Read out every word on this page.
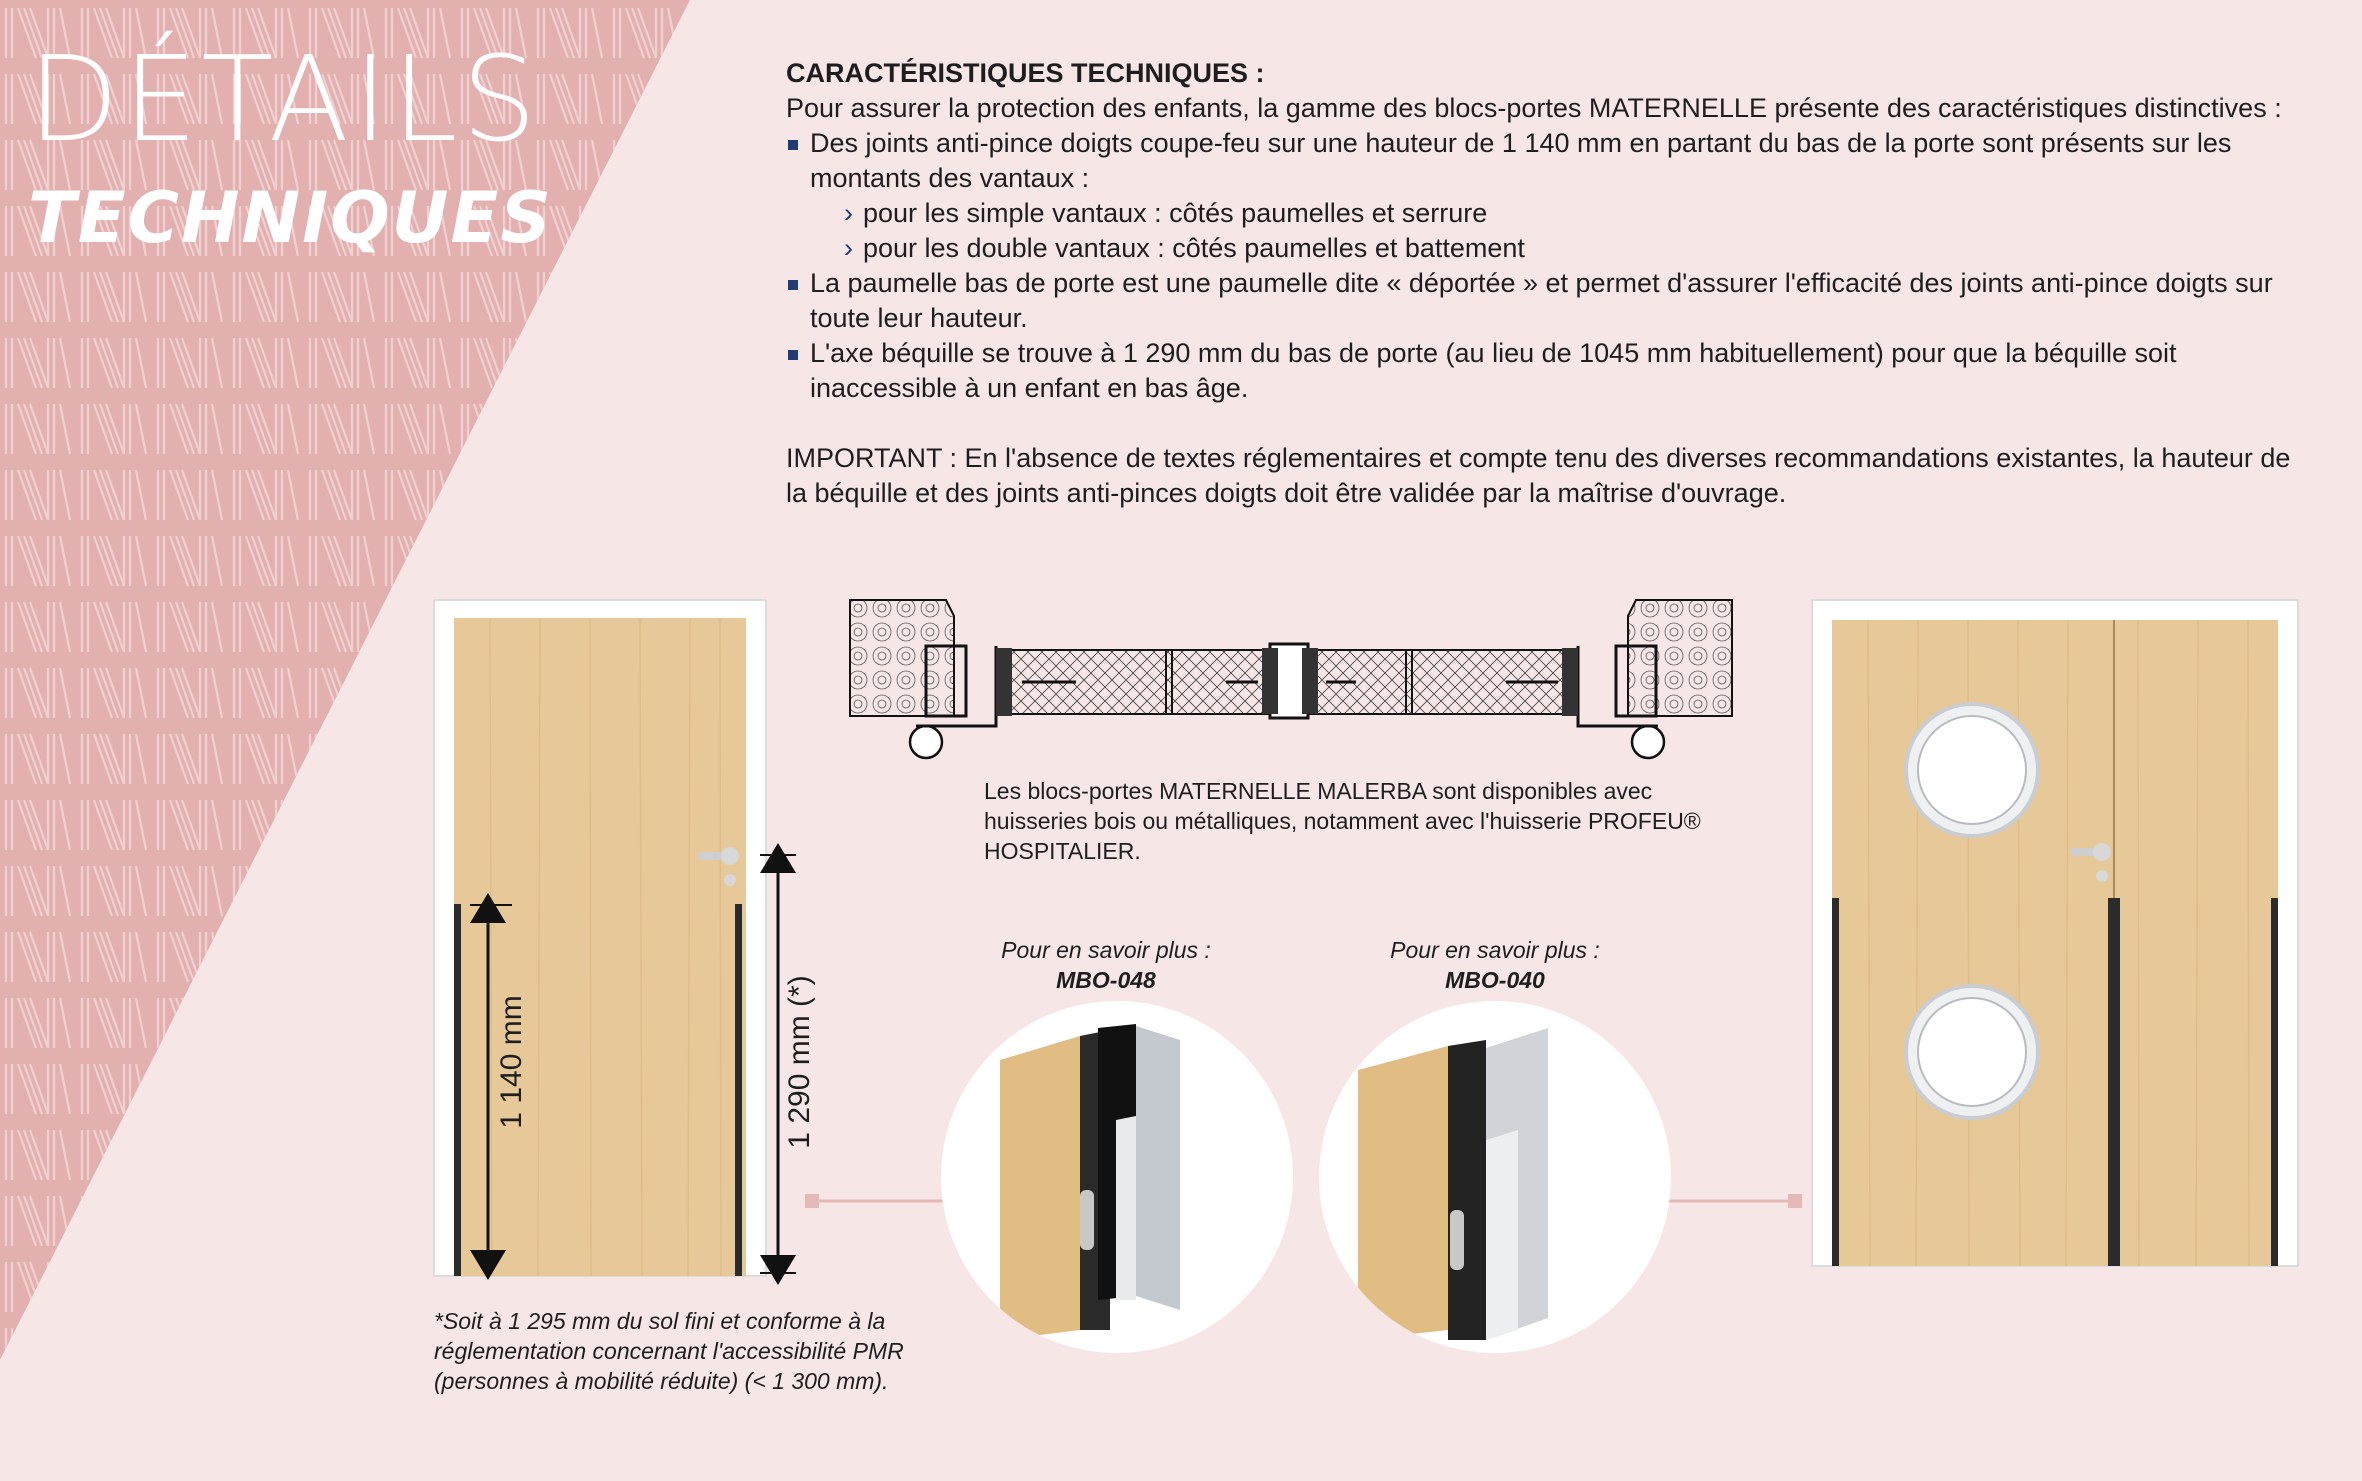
DÉTAILS
TECHNIQUES

CARACTÉRISTIQUES TECHNIQUES :

Pour assurer la protection des enfants, la gamme des blocs-portes MATERNELLE présente des caractéristiques distinctives :

Des joints anti-pince doigts coupe-feu sur une hauteur de 1 140 mm en partant du bas de la porte sont présents sur les montants des vantaux :
› pour les simple vantaux : côtés paumelles et serrure
› pour les double vantaux : côtés paumelles et battement
La paumelle bas de porte est une paumelle dite « déportée » et permet d'assurer l'efficacité des joints anti-pince doigts sur toute leur hauteur.
L'axe béquille se trouve à 1 290 mm du bas de porte (au lieu de 1045 mm habituellement) pour que la béquille soit inaccessible à un enfant en bas âge.

IMPORTANT : En l'absence de textes réglementaires et compte tenu des diverses recommandations existantes, la hauteur de la béquille et des joints anti-pinces doigts doit être validée par la maîtrise d'ouvrage.

1 140 mm	1 290 mm (*)
Les blocs-portes MATERNELLE MALERBA sont disponibles avec huisseries bois ou métalliques, notamment avec l'huisserie PROFEU® HOSPITALIER.
Pour en savoir plus :
MBO-048
Pour en savoir plus :
MBO-040
*Soit à 1 295 mm du sol fini et conforme à la réglementation concernant l'accessibilité PMR (personnes à mobilité réduite) (< 1 300 mm).
